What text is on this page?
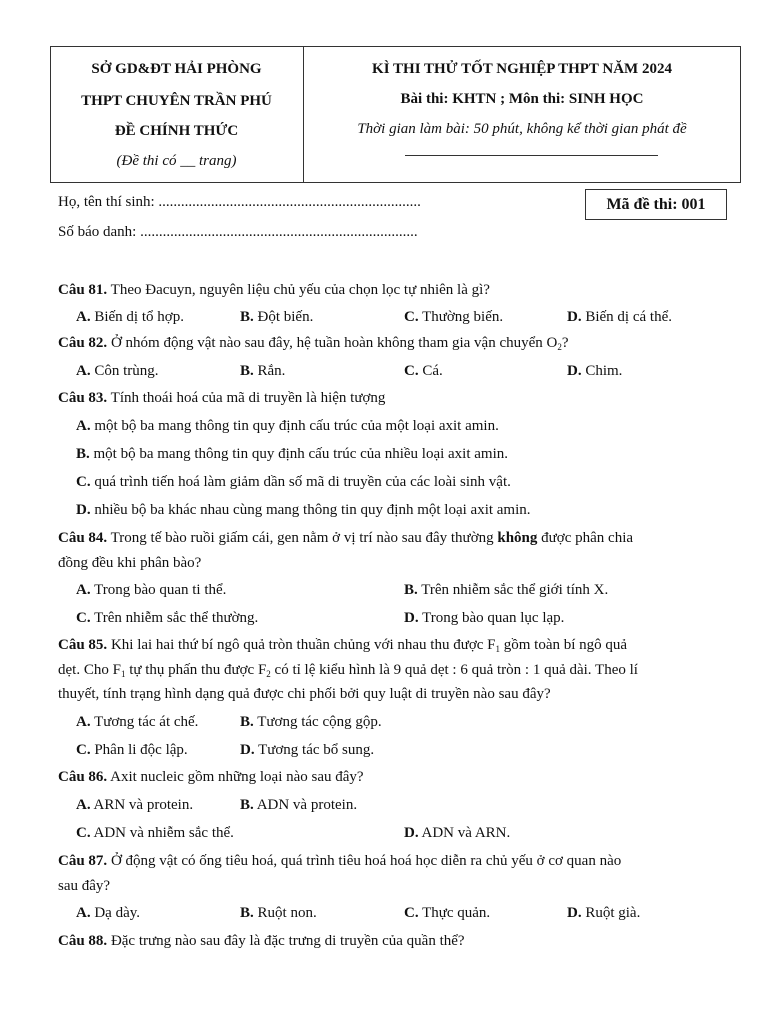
SỞ GD&ĐT HẢI PHÒNG
THPT CHUYÊN TRẦN PHÚ
ĐỀ CHÍNH THỨC
(Đề thi có __ trang)
KÌ THI THỬ TỐT NGHIỆP THPT NĂM 2024
Bài thi: KHTN ; Môn thi: SINH HỌC
Thời gian làm bài: 50 phút, không kể thời gian phát đề
Họ, tên thí sinh: ......................................................................
Số báo danh: ..........................................................................
Mã đề thi: 001
Câu 81. Theo Đacuyn, nguyên liệu chủ yếu của chọn lọc tự nhiên là gì?
A. Biến dị tổ hợp.	B. Đột biến.	C. Thường biến.	D. Biến dị cá thể.
Câu 82. Ở nhóm động vật nào sau đây, hệ tuần hoàn không tham gia vận chuyển $O_2$?
A. Côn trùng.	B. Rắn.	C. Cá.	D. Chim.
Câu 83. Tính thoái hoá của mã di truyền là hiện tượng
A. một bộ ba mang thông tin quy định cấu trúc của một loại axit amin.
B. một bộ ba mang thông tin quy định cấu trúc của nhiều loại axit amin.
C. quá trình tiến hoá làm giảm dần số mã di truyền của các loài sinh vật.
D. nhiều bộ ba khác nhau cùng mang thông tin quy định một loại axit amin.
Câu 84. Trong tế bào ruồi giấm cái, gen nằm ở vị trí nào sau đây thường không được phân chia
đồng đều khi phân bào?
A. Trong bào quan ti thể.	B. Trên nhiễm sắc thể giới tính X.
C. Trên nhiễm sắc thể thường.	D. Trong bào quan lục lạp.
Câu 85. Khi lai hai thứ bí ngô quả tròn thuần chủng với nhau thu được $F_1$ gồm toàn bí ngô quả
dẹt. Cho $F_1$ tự thụ phấn thu được $F_2$ có tỉ lệ kiểu hình là 9 quả dẹt : 6 quả tròn : 1 quả dài. Theo lí
thuyết, tính trạng hình dạng quả được chi phối bởi quy luật di truyền nào sau đây?
A. Tương tác át chế.	B. Tương tác cộng gộp.
C. Phân li độc lập.	D. Tương tác bổ sung.
Câu 86. Axit nucleic gồm những loại nào sau đây?
A. ARN và protein.	B. ADN và protein.
C. ADN và nhiễm sắc thể.	D. ADN và ARN.
Câu 87. Ở động vật có ống tiêu hoá, quá trình tiêu hoá hoá học diễn ra chủ yếu ở cơ quan nào
sau đây?
A. Dạ dày.	B. Ruột non.	C. Thực quản.	D. Ruột già.
Câu 88. Đặc trưng nào sau đây là đặc trưng di truyền của quần thể?
